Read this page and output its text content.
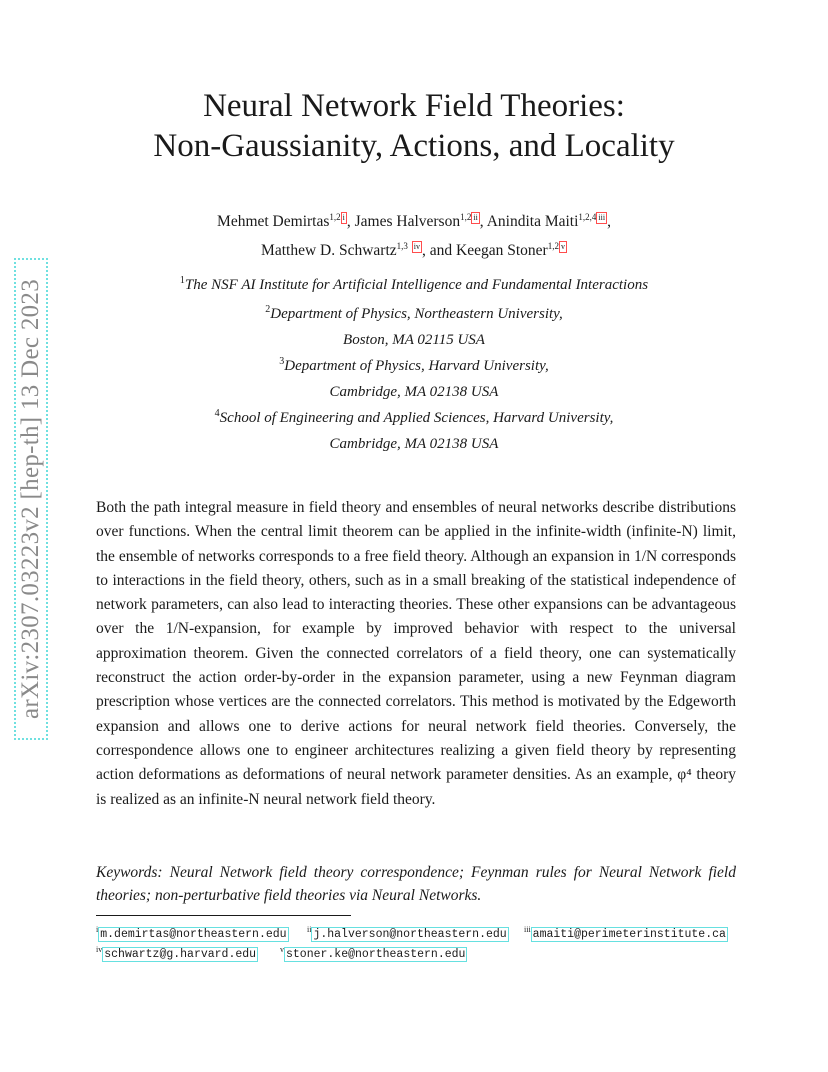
arXiv:2307.03223v2 [hep-th] 13 Dec 2023
Neural Network Field Theories:
Non-Gaussianity, Actions, and Locality
Mehmet Demirtas$^{1,2}$ i , James Halverson$^{1,2}$ ii , Anindita Maiti$^{1,2,4}$ iii ,
Matthew D. Schwartz$^{1,3}$ iv , and Keegan Stoner$^{1,2}$ v
$^1$The NSF AI Institute for Artificial Intelligence and Fundamental Interactions
$^2$Department of Physics, Northeastern University,
Boston, MA 02115 USA
$^3$Department of Physics, Harvard University,
Cambridge, MA 02138 USA
$^4$School of Engineering and Applied Sciences, Harvard University,
Cambridge, MA 02138 USA
Both the path integral measure in field theory and ensembles of neural networks describe distributions over functions. When the central limit theorem can be applied in the infinite-width (infinite-N) limit, the ensemble of networks corresponds to a free field theory. Although an expansion in 1/N corresponds to interactions in the field theory, others, such as in a small breaking of the statistical independence of network parameters, can also lead to interacting theories. These other expansions can be advantageous over the 1/N-expansion, for example by improved behavior with respect to the universal approximation theorem. Given the connected correlators of a field theory, one can systematically reconstruct the action order-by-order in the expansion parameter, using a new Feynman diagram prescription whose vertices are the connected correlators. This method is motivated by the Edgeworth expansion and allows one to derive actions for neural network field theories. Conversely, the correspondence allows one to engineer architectures realizing a given field theory by representing action deformations as deformations of neural network parameter densities. As an example, φ⁴ theory is realized as an infinite-N neural network field theory.
Keywords: Neural Network field theory correspondence; Feynman rules for Neural Network field theories; non-perturbative field theories via Neural Networks.
$^i$ m.demirtas@northeastern.edu	$^{ii}$ j.halverson@northeastern.edu $^{iii}$ amaiti@perimeterinstitute.ca
$^{iv}$ schwartz@g.harvard.edu	$^v$ stoner.ke@northeastern.edu
